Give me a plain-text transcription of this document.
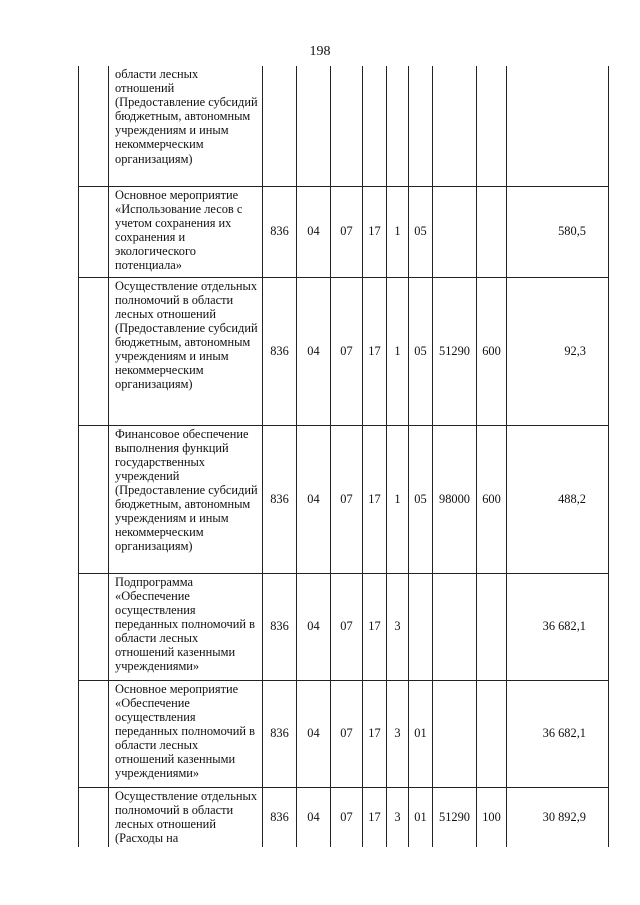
198
	области лесных отношений (Предоставление субсидий бюджетным, автономным учреждениям и иным некоммерческим организациям)									
	Основное мероприятие «Использование лесов с учетом сохранения их сохранения и экологического потенциала»	836	04	07	17	1	05			580,5
	Осуществление отдельных полномочий в области лесных отношений (Предоставление субсидий бюджетным, автономным учреждениям и иным некоммерческим организациям)	836	04	07	17	1	05	51290	600	92,3
	Финансовое обеспечение выполнения функций государственных учреждений (Предоставление субсидий бюджетным, автономным учреждениям и иным некоммерческим организациям)	836	04	07	17	1	05	98000	600	488,2
	Подпрограмма «Обеспечение осуществления переданных полномочий в области лесных отношений казенными учреждениями»	836	04	07	17	3				36 682,1
	Основное мероприятие «Обеспечение осуществления переданных полномочий в области лесных отношений казенными учреждениями»	836	04	07	17	3	01			36 682,1
	Осуществление отдельных полномочий в области лесных отношений (Расходы на	836	04	07	17	3	01	51290	100	30 892,9
